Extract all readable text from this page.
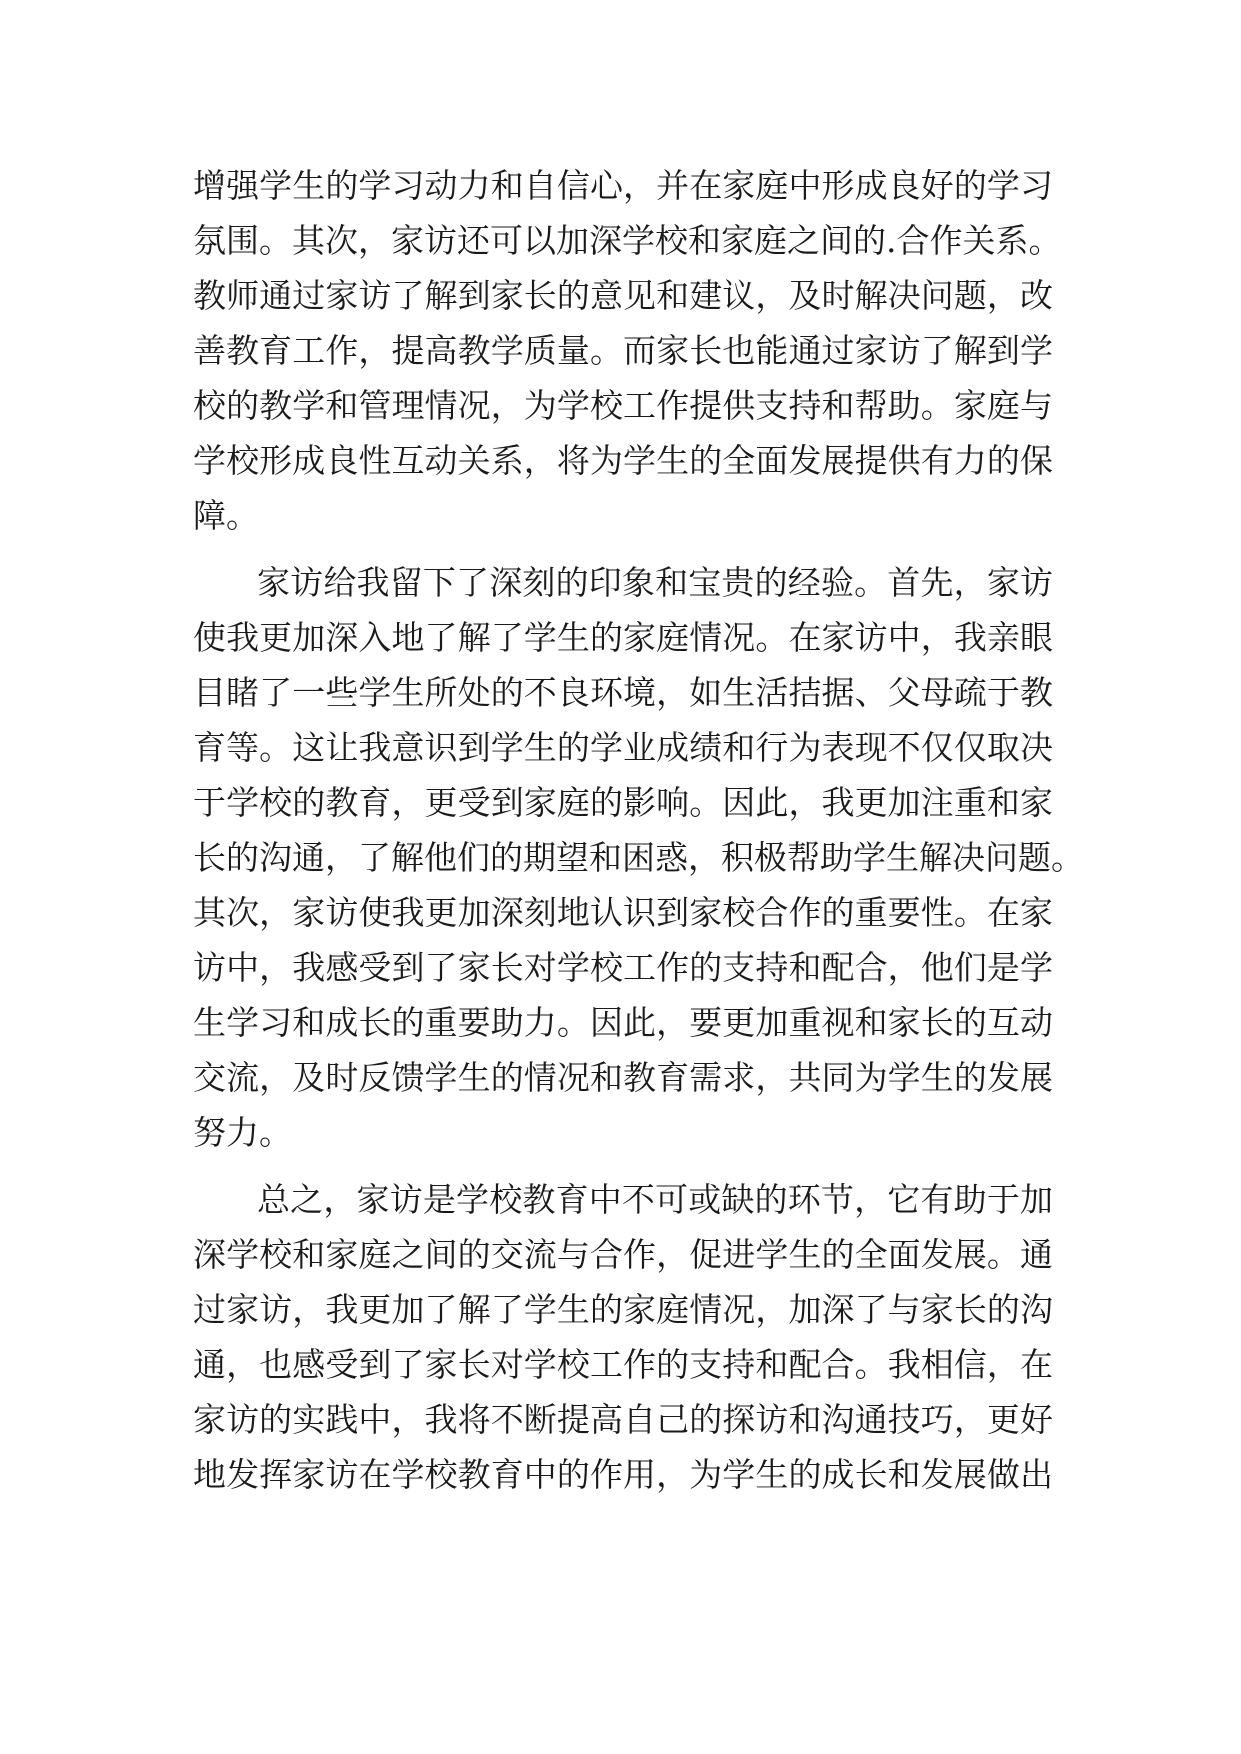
增强学生的学习动力和自信心，并在家庭中形成良好的学习
氛围。其次，家访还可以加深学校和家庭之间的.合作关系。
教师通过家访了解到家长的意见和建议，及时解决问题，改
善教育工作，提高教学质量。而家长也能通过家访了解到学
校的教学和管理情况，为学校工作提供支持和帮助。家庭与
学校形成良性互动关系，将为学生的全面发展提供有力的保
障。
家访给我留下了深刻的印象和宝贵的经验。首先，家访
使我更加深入地了解了学生的家庭情况。在家访中，我亲眼
目睹了一些学生所处的不良环境，如生活拮据、父母疏于教
育等。这让我意识到学生的学业成绩和行为表现不仅仅取决
于学校的教育，更受到家庭的影响。因此，我更加注重和家
长的沟通，了解他们的期望和困惑，积极帮助学生解决问题。
其次，家访使我更加深刻地认识到家校合作的重要性。在家
访中，我感受到了家长对学校工作的支持和配合，他们是学
生学习和成长的重要助力。因此，要更加重视和家长的互动
交流，及时反馈学生的情况和教育需求，共同为学生的发展
努力。
总之，家访是学校教育中不可或缺的环节，它有助于加
深学校和家庭之间的交流与合作，促进学生的全面发展。通
过家访，我更加了解了学生的家庭情况，加深了与家长的沟
通，也感受到了家长对学校工作的支持和配合。我相信，在
家访的实践中，我将不断提高自己的探访和沟通技巧，更好
地发挥家访在学校教育中的作用，为学生的成长和发展做出
